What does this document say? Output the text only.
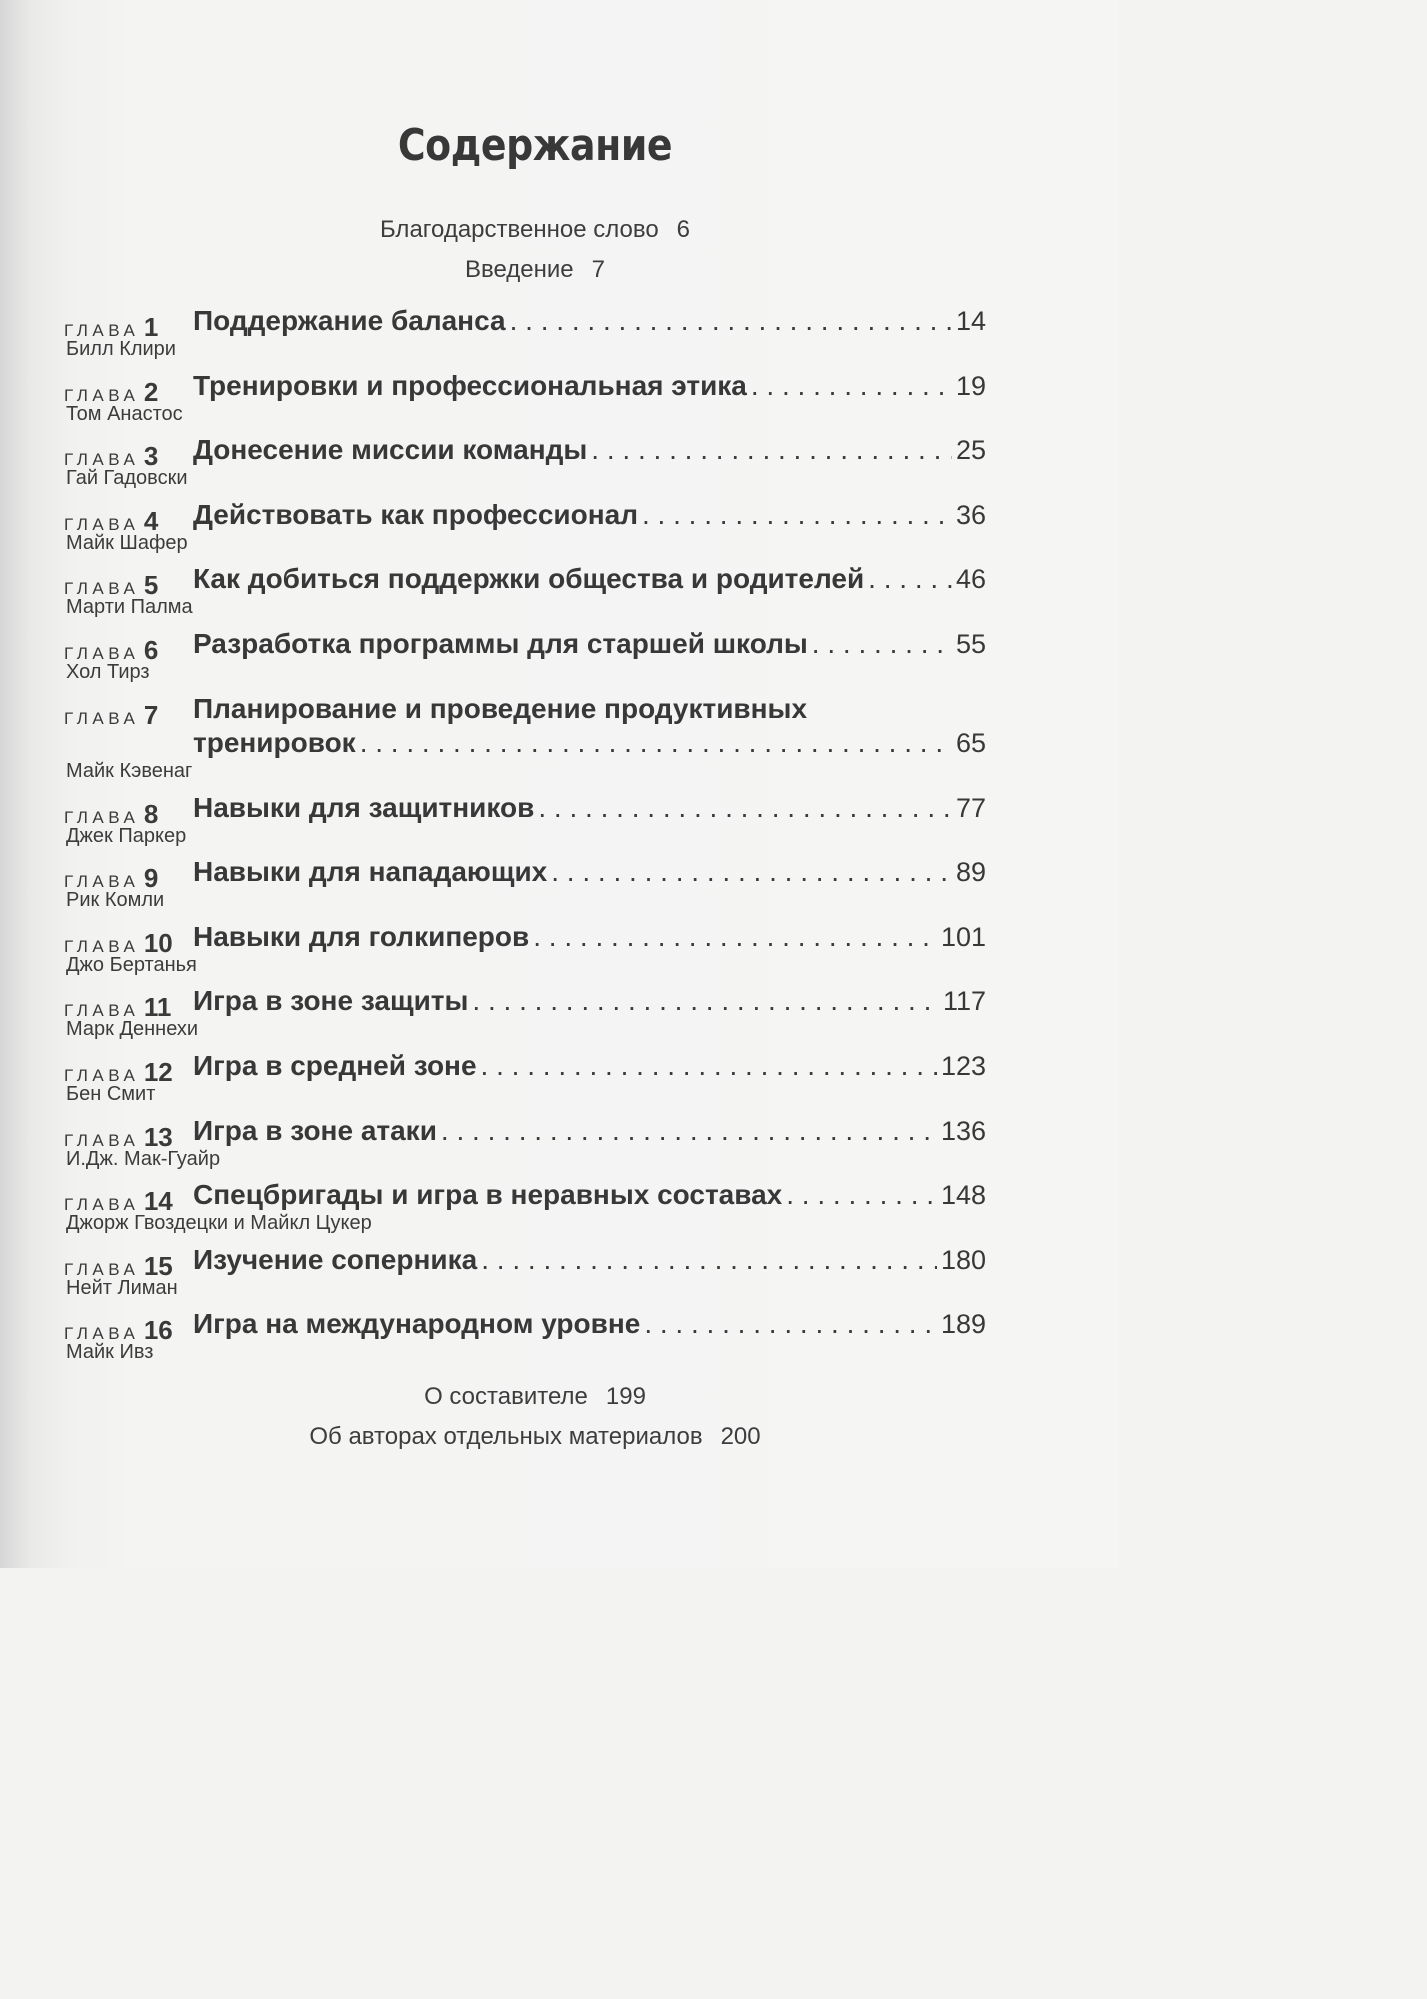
Содержание
Благодарственное слово 6
Введение 7
ГЛАВА 1 Поддержание баланса . . .	14
Билл Клири
ГЛАВА 2 Тренировки и профессиональная этика . . .	19
Том Анастос
ГЛАВА 3 Донесение миссии команды . . .	25
Гай Гадовски
ГЛАВА 4 Действовать как профессионал . . .	36
Майк Шафер
ГЛАВА 5 Как добиться поддержки общества и родителей . . .	46
Марти Палма
ГЛАВА 6 Разработка программы для старшей школы . . .	55
Хол Тирз
ГЛАВА 7 Планирование и проведение продуктивных
тренировок . . .	65
Майк Кэвенаг
ГЛАВА 8 Навыки для защитников . . .	77
Джек Паркер
ГЛАВА 9 Навыки для нападающих . . .	89
Рик Комли
ГЛАВА 10 Навыки для голкиперов . . .	101
Джо Бертанья
ГЛАВА 11 Игра в зоне защиты . . .	117
Марк Деннехи
ГЛАВА 12 Игра в средней зоне . . .	123
Бен Смит
ГЛАВА 13 Игра в зоне атаки . . .	136
И.Дж. Мак-Гуайр
ГЛАВА 14 Спецбригады и игра в неравных составах . . .	148
Джорж Гвоздецки и Майкл Цукер
ГЛАВА 15 Изучение соперника . . .	180
Нейт Лиман
ГЛАВА 16 Игра на международном уровне . . .	189
Майк Ивз
О составителе 199
Об авторах отдельных материалов 200
